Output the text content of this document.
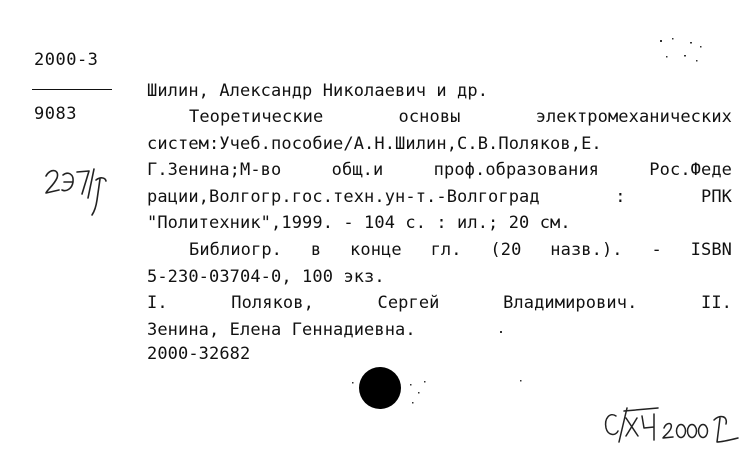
2000-3
9083
Шилин, Александр Николаевич и др.
Теоретические основы электромеханических
систем:Учеб.пособие/А.Н.Шилин,С.В.Поляков,Е.
Г.Зенина;М-во общ.и проф.образования Рос.Феде
рации,Волгогр.гос.техн.ун-т.-Волгоград : РПК
"Политехник",1999. - 104 с. : ил.; 20 см.
Библиогр. в конце гл. (20 назв.). - ISBN
5-230-03704-0, 100 экз.
I. Поляков, Сергей Владимирович. II.
Зенина, Елена Геннадиевна.
2000-32682
